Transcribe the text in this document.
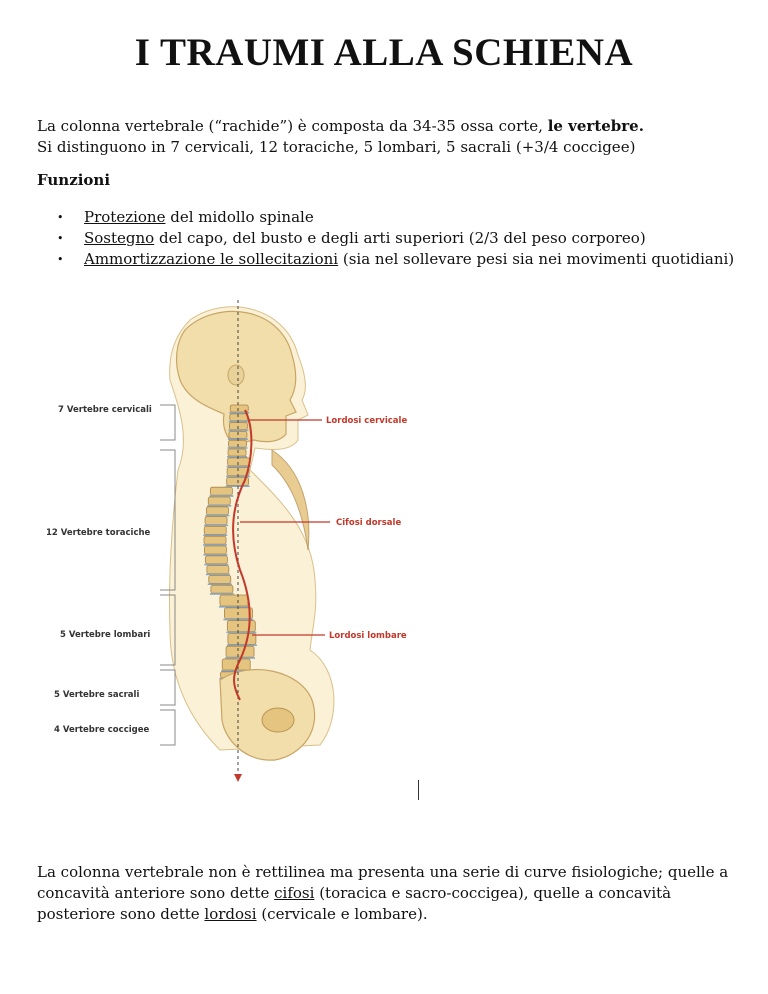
I TRAUMI ALLA SCHIENA

La colonna vertebrale (“rachide”) è composta da 34-35 ossa corte, le vertebre.
Si distinguono in 7 cervicali, 12 toraciche, 5 lombari, 5 sacrali (+3/4 coccigee)

Funzioni

• Protezione del midollo spinale
• Sostegno del capo, del busto e degli arti superiori (2/3 del peso corporeo)
• Ammortizzazione le sollecitazioni (sia nel sollevare pesi sia nei movimenti quotidiani)
7 Vertebre cervicali
12 Vertebre toraciche
5 Vertebre lombari
5 Vertebre sacrali
4 Vertebre coccigee
Lordosi cervicale
Cifosi dorsale
Lordosi lombare

La colonna vertebrale non è rettilinea ma presenta una serie di curve fisiologiche; quelle a concavità anteriore sono dette cifosi (toracica e sacro-coccigea), quelle a concavità posteriore sono dette lordosi (cervicale e lombare).
